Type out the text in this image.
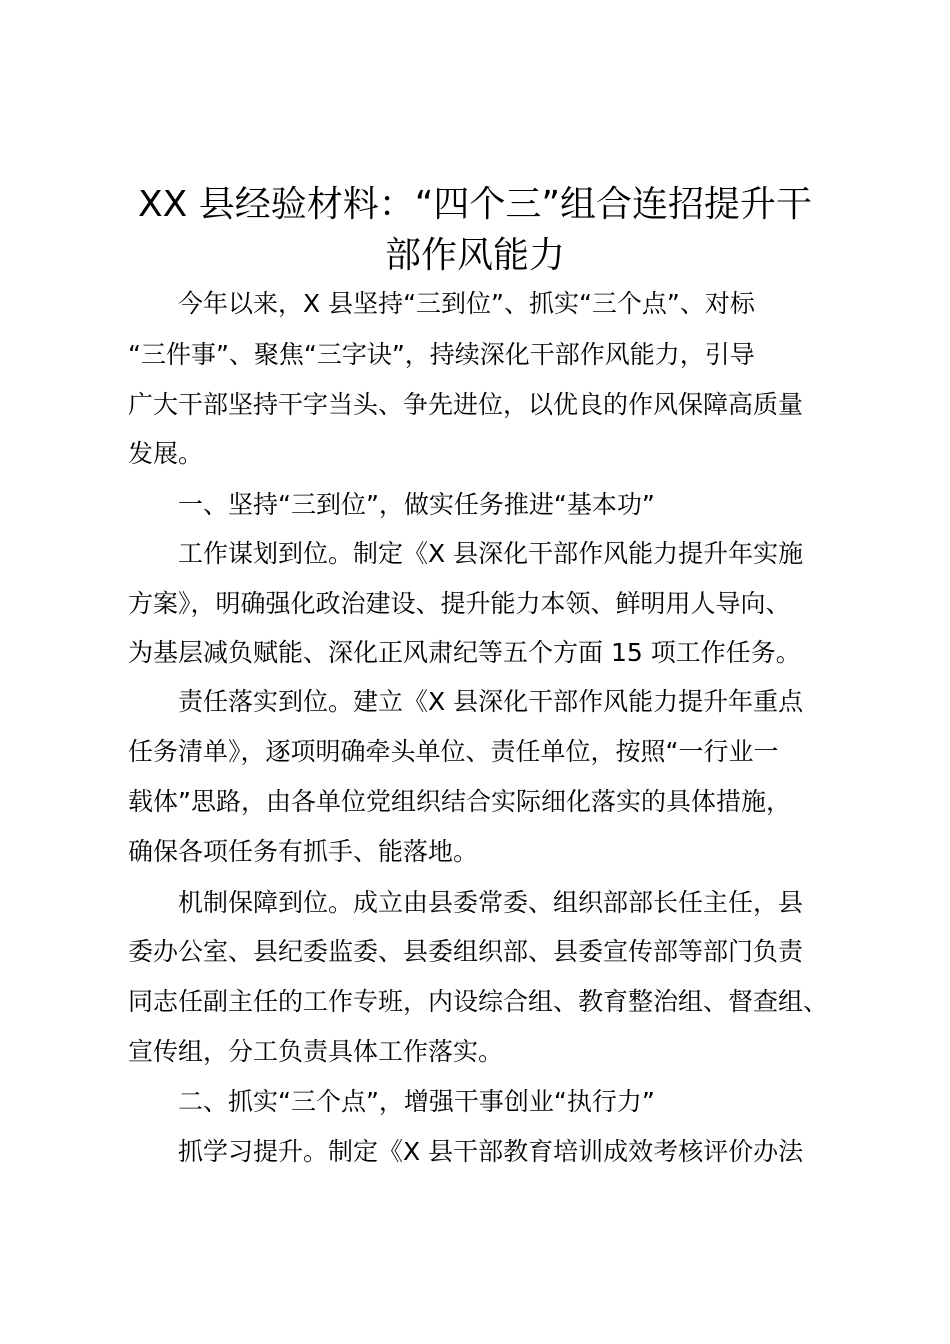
XX 县经验材料：“四个三”组合连招提升干
部作风能力

今年以来，X 县坚持“三到位”、抓实“三个点”、对标

“三件事”、聚焦“三字诀”，持续深化干部作风能力，引导

广大干部坚持干字当头、争先进位，以优良的作风保障高质量

发展。

一、坚持“三到位”，做实任务推进“基本功”

工作谋划到位。制定《X 县深化干部作风能力提升年实施

方案》，明确强化政治建设、提升能力本领、鲜明用人导向、

为基层减负赋能、深化正风肃纪等五个方面 15 项工作任务。

责任落实到位。建立《X 县深化干部作风能力提升年重点

任务清单》，逐项明确牵头单位、责任单位，按照“一行业一

载体”思路，由各单位党组织结合实际细化落实的具体措施，

确保各项任务有抓手、能落地。

机制保障到位。成立由县委常委、组织部部长任主任，县

委办公室、县纪委监委、县委组织部、县委宣传部等部门负责

同志任副主任的工作专班，内设综合组、教育整治组、督查组、

宣传组，分工负责具体工作落实。

二、抓实“三个点”，增强干事创业“执行力”

抓学习提升。制定《X 县干部教育培训成效考核评价办法
